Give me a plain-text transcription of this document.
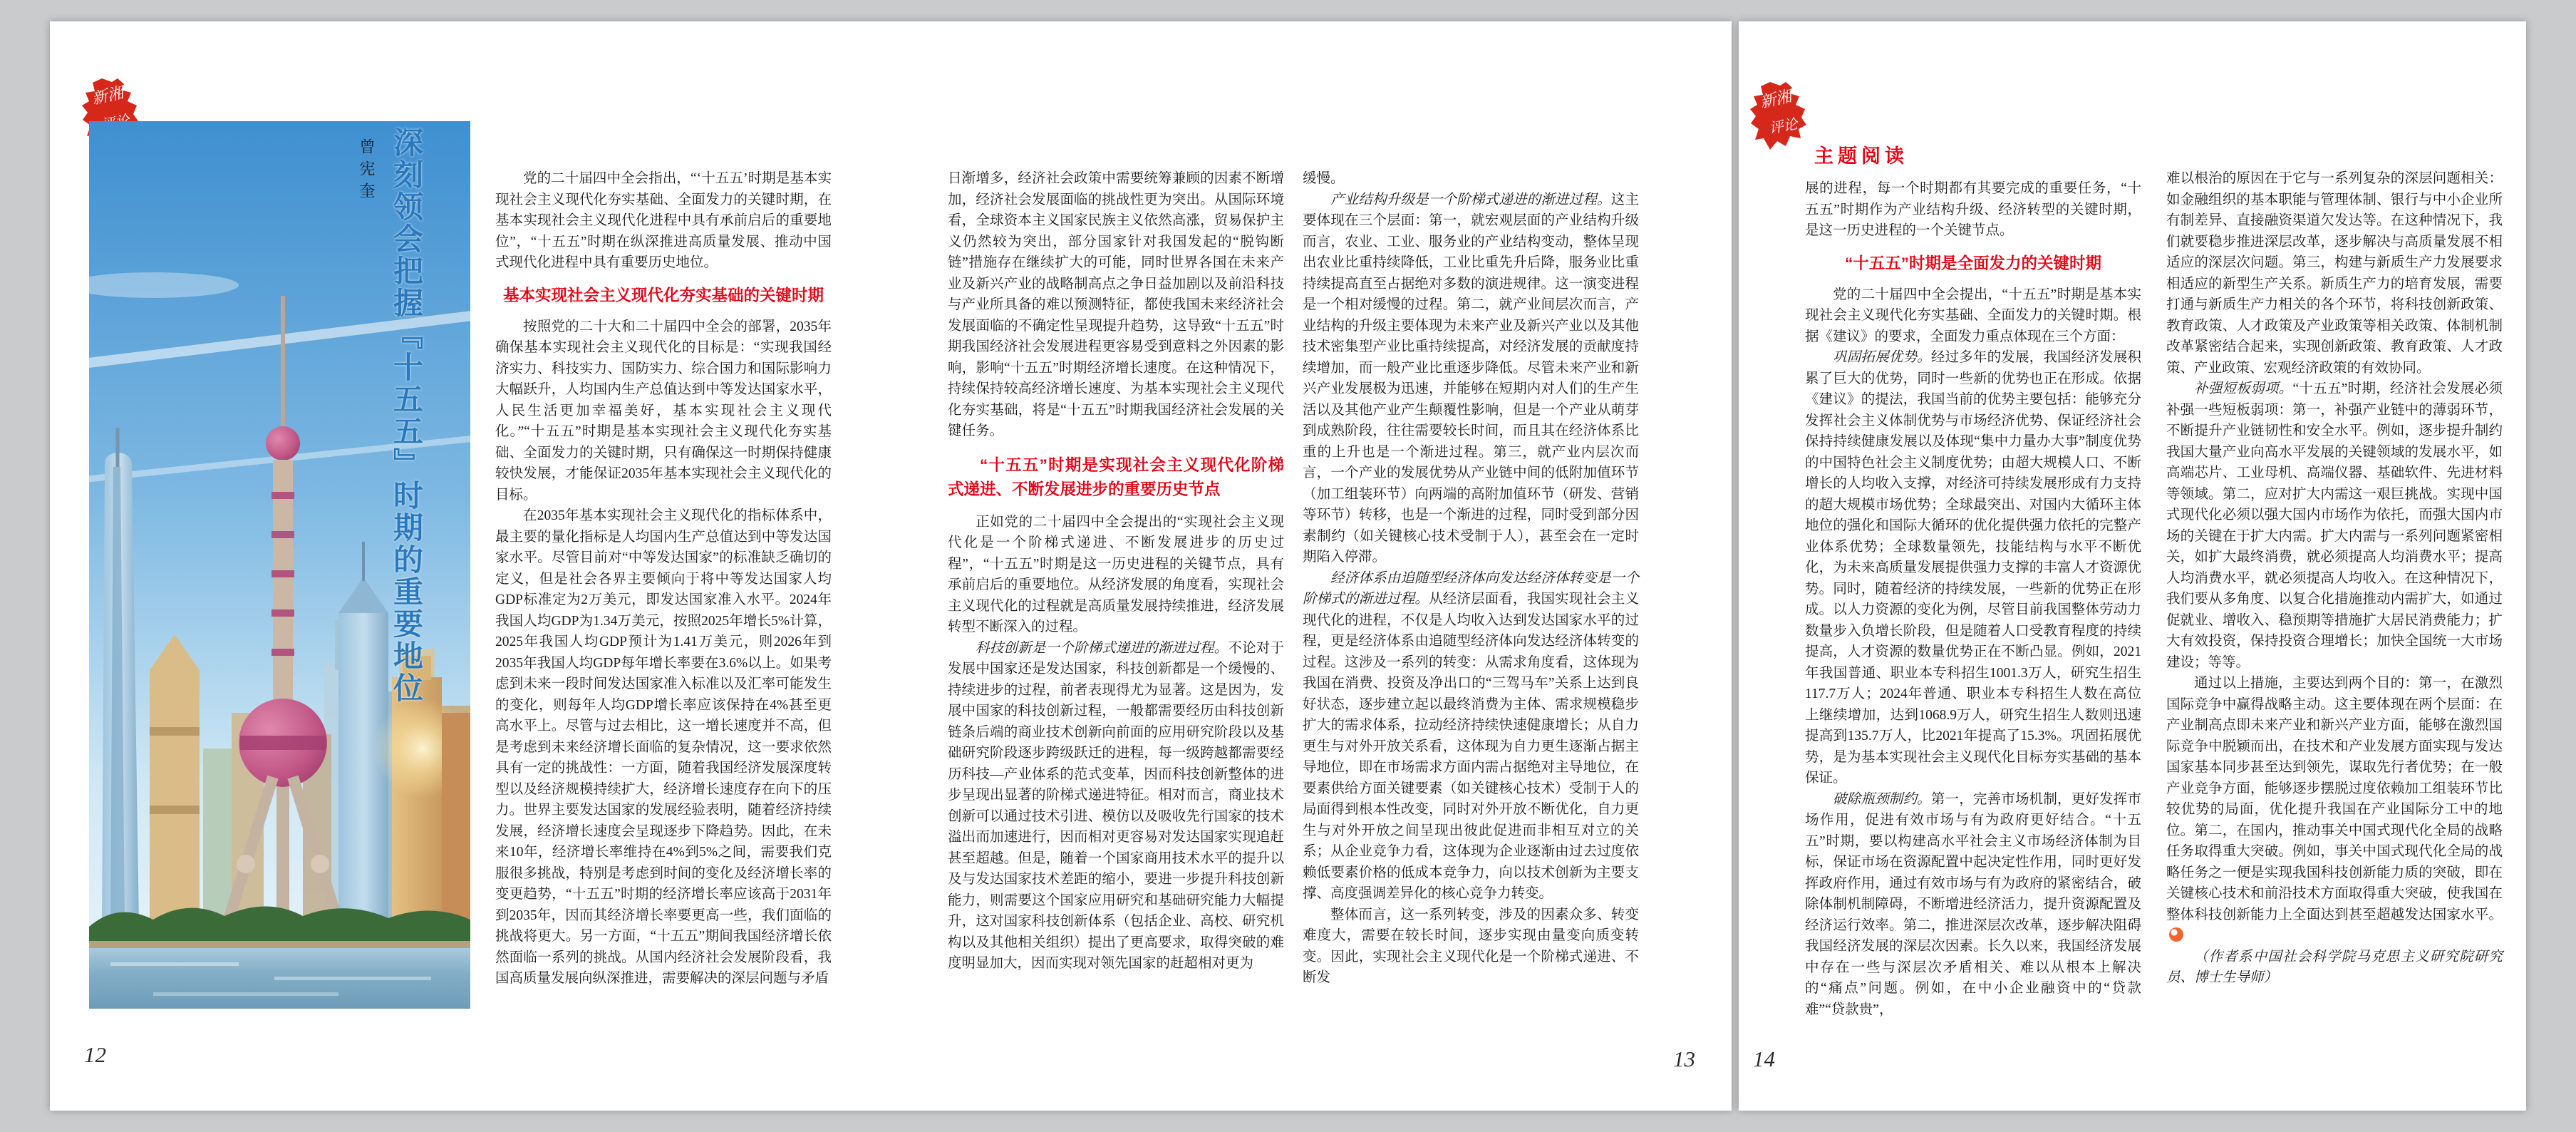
新湘
深刻领会把握『十五五』时期的重要地位
曾宪奎	党的二十届四中全会指出，“‘十五五’时期是基本实现社会主义现代化夯实基础、全面发力的关键时期，在基本实现社会主义现代化进程中具有承前启后的重要地位”，“十五五”时期在纵深推进高质量发展、推动中国式现代化进程中具有重要历史地位。

基本实现社会主义现代化夯实基础的关键时期

按照党的二十大和二十届四中全会的部署，2035年确保基本实现社会主义现代化的目标是：“实现我国经济实力、科技实力、国防实力、综合国力和国际影响力大幅跃升，人均国内生产总值达到中等发达国家水平，人民生活更加幸福美好，基本实现社会主义现代化。”“十五五”时期是基本实现社会主义现代化夯实基础、全面发力的关键时期，只有确保这一时期保持健康较快发展，才能保证2035年基本实现社会主义现代化的目标。

在2035年基本实现社会主义现代化的指标体系中，最主要的量化指标是人均国内生产总值达到中等发达国家水平。尽管目前对“中等发达国家”的标准缺乏确切的定义，但是社会各界主要倾向于将中等发达国家人均GDP标准定为2万美元，即发达国家准入水平。2024年我国人均GDP为1.34万美元，按照2025年增长5%计算，2025年我国人均GDP预计为1.41万美元，则2026年到2035年我国人均GDP每年增长率要在3.6%以上。如果考虑到未来一段时间发达国家准入标准以及汇率可能发生的变化，则每年人均GDP增长率应该保持在4%甚至更高水平上。尽管与过去相比，这一增长速度并不高，但是考虑到未来经济增长面临的复杂情况，这一要求依然具有一定的挑战性：一方面，随着我国经济发展深度转型以及经济规模持续扩大，经济增长速度存在向下的压力。世界主要发达国家的发展经验表明，随着经济持续发展，经济增长速度会呈现逐步下降趋势。因此，在未来10年，经济增长率维持在4%到5%之间，需要我们克服很多挑战，特别是考虑到时间的变化及经济增长率的变更趋势，“十五五”时期的经济增长率应该高于2031年到2035年，因而其经济增长率要更高一些，我们面临的挑战将更大。另一方面，“十五五”期间我国经济增长依然面临一系列的挑战。从国内经济社会发展阶段看，我国高质量发展向纵深推进，需要解决的深层问题与矛盾

日渐增多，经济社会政策中需要统筹兼顾的因素不断增加，经济社会发展面临的挑战性更为突出。从国际环境看，全球资本主义国家民族主义依然高涨，贸易保护主义仍然较为突出，部分国家针对我国发起的“脱钩断链”措施存在继续扩大的可能，同时世界各国在未来产业及新兴产业的战略制高点之争日益加剧以及前沿科技与产业所具备的难以预测特征，都使我国未来经济社会发展面临的不确定性呈现提升趋势，这导致“十五五”时期我国经济社会发展进程更容易受到意料之外因素的影响，影响“十五五”时期经济增长速度。在这种情况下，持续保持较高经济增长速度、为基本实现社会主义现代化夯实基础，将是“十五五”时期我国经济社会发展的关键任务。

“十五五”时期是实现社会主义现代化阶梯式递进、不断发展进步的重要历史节点

正如党的二十届四中全会提出的“实现社会主义现代化是一个阶梯式递进、不断发展进步的历史过程”，“十五五”时期是这一历史进程的关键节点，具有承前启后的重要地位。从经济发展的角度看，实现社会主义现代化的过程就是高质量发展持续推进，经济发展转型不断深入的过程。

科技创新是一个阶梯式递进的渐进过程。不论对于发展中国家还是发达国家，科技创新都是一个缓慢的、持续进步的过程，前者表现得尤为显著。这是因为，发展中国家的科技创新过程，一般都需要经历由科技创新链条后端的商业技术创新向前面的应用研究阶段以及基础研究阶段逐步跨级跃迁的进程，每一级跨越都需要经历科技—产业体系的范式变革，因而科技创新整体的进步呈现出显著的阶梯式递进特征。相对而言，商业技术创新可以通过技术引进、模仿以及吸收先行国家的技术溢出而加速进行，因而相对更容易对发达国家实现追赶甚至超越。但是，随着一个国家商用技术水平的提升以及与发达国家技术差距的缩小，要进一步提升科技创新能力，则需要这个国家应用研究和基础研究能力大幅提升，这对国家科技创新体系（包括企业、高校、研究机构以及其他相关组织）提出了更高要求，取得突破的难度明显加大，因而实现对领先国家的赶超相对更为

缓慢。

产业结构升级是一个阶梯式递进的渐进过程。这主要体现在三个层面：第一，就宏观层面的产业结构升级而言，农业、工业、服务业的产业结构变动，整体呈现出农业比重持续降低，工业比重先升后降，服务业比重持续提高直至占据绝对多数的演进规律。这一演变进程是一个相对缓慢的过程。第二，就产业间层次而言，产业结构的升级主要体现为未来产业及新兴产业以及其他技术密集型产业比重持续提高，对经济发展的贡献度持续增加，而一般产业比重逐步降低。尽管未来产业和新兴产业发展极为迅速，并能够在短期内对人们的生产生活以及其他产业产生颠覆性影响，但是一个产业从萌芽到成熟阶段，往往需要较长时间，而且其在经济体系比重的上升也是一个渐进过程。第三，就产业内层次而言，一个产业的发展优势从产业链中间的低附加值环节（加工组装环节）向两端的高附加值环节（研发、营销等环节）转移，也是一个渐进的过程，同时受到部分因素制约（如关键核心技术受制于人），甚至会在一定时期陷入停滞。

经济体系由追随型经济体向发达经济体转变是一个阶梯式的渐进过程。从经济层面看，我国实现社会主义现代化的进程，不仅是人均收入达到发达国家水平的过程，更是经济体系由追随型经济体向发达经济体转变的过程。这涉及一系列的转变：从需求角度看，这体现为我国在消费、投资及净出口的“三驾马车”关系上达到良好状态，逐步建立起以最终消费为主体、需求规模稳步扩大的需求体系，拉动经济持续快速健康增长；从自力更生与对外开放关系看，这体现为自力更生逐渐占据主导地位，即在市场需求方面内需占据绝对主导地位，在要素供给方面关键要素（如关键核心技术）受制于人的局面得到根本性改变，同时对外开放不断优化，自力更生与对外开放之间呈现出彼此促进而非相互对立的关系；从企业竞争力看，这体现为企业逐渐由过去过度依赖低要素价格的低成本竞争力，向以技术创新为主要支撑、高度强调差异化的核心竞争力转变。

整体而言，这一系列转变，涉及的因素众多、转变难度大，需要在较长时间，逐步实现由量变向质变转变。因此，实现社会主义现代化是一个阶梯式递进、不断发

12	13
新湘
评论
主题阅读

展的进程，每一个时期都有其要完成的重要任务，“十五五”时期作为产业结构升级、经济转型的关键时期，是这一历史进程的一个关键节点。

“十五五”时期是全面发力的关键时期

党的二十届四中全会提出，“十五五”时期是基本实现社会主义现代化夯实基础、全面发力的关键时期。根据《建议》的要求，全面发力重点体现在三个方面：

巩固拓展优势。经过多年的发展，我国经济发展积累了巨大的优势，同时一些新的优势也正在形成。依据《建议》的提法，我国当前的优势主要包括：能够充分发挥社会主义体制优势与市场经济优势、保证经济社会保持持续健康发展以及体现“集中力量办大事”制度优势的中国特色社会主义制度优势；由超大规模人口、不断增长的人均收入支撑，对经济可持续发展形成有力支持的超大规模市场优势；全球最突出、对国内大循环主体地位的强化和国际大循环的优化提供强力依托的完整产业体系优势；全球数量领先，技能结构与水平不断优化，为未来高质量发展提供强力支撑的丰富人才资源优势。同时，随着经济的持续发展，一些新的优势正在形成。以人力资源的变化为例，尽管目前我国整体劳动力数量步入负增长阶段，但是随着人口受教育程度的持续提高，人才资源的数量优势正在不断凸显。例如，2021年我国普通、职业本专科招生1001.3万人，研究生招生117.7万人；2024年普通、职业本专科招生人数在高位上继续增加，达到1068.9万人，研究生招生人数则迅速提高到135.7万人，比2021年提高了15.3%。巩固拓展优势，是为基本实现社会主义现代化目标夯实基础的基本保证。

破除瓶颈制约。第一，完善市场机制，更好发挥市场作用，促进有效市场与有为政府更好结合。“十五五”时期，要以构建高水平社会主义市场经济体制为目标，保证市场在资源配置中起决定性作用，同时更好发挥政府作用，通过有效市场与有为政府的紧密结合，破除体制机制障碍，不断增进经济活力，提升资源配置及经济运行效率。第二，推进深层次改革，逐步解决阻碍我国经济发展的深层次因素。长久以来，我国经济发展中存在一些与深层次矛盾相关、难以从根本上解决的“痛点”问题。例如，在中小企业融资中的“贷款难”“贷款贵”，

难以根治的原因在于它与一系列复杂的深层问题相关：如金融组织的基本职能与管理体制、银行与中小企业所有制差异、直接融资渠道欠发达等。在这种情况下，我们就要稳步推进深层改革，逐步解决与高质量发展不相适应的深层次问题。第三，构建与新质生产力发展要求相适应的新型生产关系。新质生产力的培育发展，需要打通与新质生产力相关的各个环节，将科技创新政策、教育政策、人才政策及产业政策等相关政策、体制机制改革紧密结合起来，实现创新政策、教育政策、人才政策、产业政策、宏观经济政策的有效协同。

补强短板弱项。“十五五”时期，经济社会发展必须补强一些短板弱项：第一，补强产业链中的薄弱环节，不断提升产业链韧性和安全水平。例如，逐步提升制约我国大量产业向高水平发展的关键领域的发展水平，如高端芯片、工业母机、高端仪器、基础软件、先进材料等领域。第二，应对扩大内需这一艰巨挑战。实现中国式现代化必须以强大国内市场作为依托，而强大国内市场的关键在于扩大内需。扩大内需与一系列问题紧密相关，如扩大最终消费，就必须提高人均消费水平；提高人均消费水平，就必须提高人均收入。在这种情况下，我们要从多角度、以复合化措施推动内需扩大，如通过促就业、增收入、稳预期等措施扩大居民消费能力；扩大有效投资，保持投资合理增长；加快全国统一大市场建设；等等。

通过以上措施，主要达到两个目的：第一，在激烈国际竞争中赢得战略主动。这主要体现在两个层面：在产业制高点即未来产业和新兴产业方面，能够在激烈国际竞争中脱颖而出，在技术和产业发展方面实现与发达国家基本同步甚至达到领先，谋取先行者优势；在一般产业竞争方面，能够逐步摆脱过度依赖加工组装环节比较优势的局面，优化提升我国在产业国际分工中的地位。第二，在国内，推动事关中国式现代化全局的战略任务取得重大突破。例如，事关中国式现代化全局的战略任务之一便是实现我国科技创新能力质的突破，即在关键核心技术和前沿技术方面取得重大突破，使我国在整体科技创新能力上全面达到甚至超越发达国家水平。

（作者系中国社会科学院马克思主义研究院研究员、博士生导师）

14
